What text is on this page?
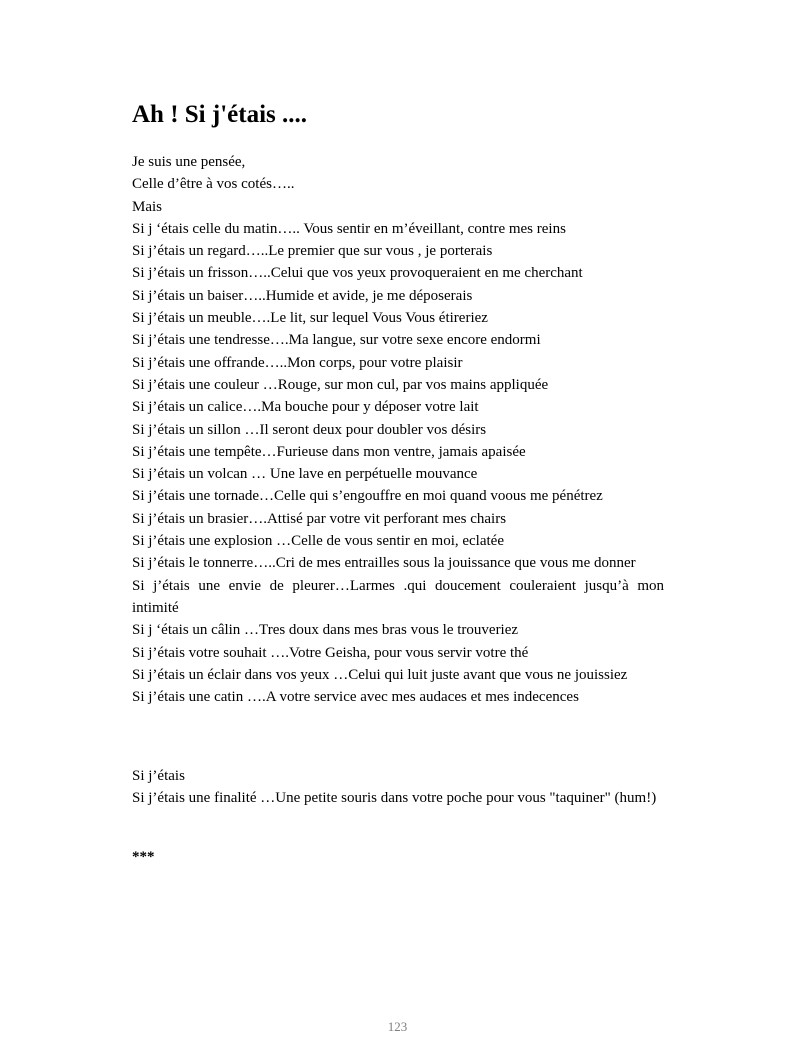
Ah ! Si j'étais ....
Je suis une pensée,
Celle d’être à vos cotés…..
Mais
Si j ‘étais celle du matin….. Vous sentir en m’éveillant, contre mes reins
Si j’étais un regard…..Le premier que sur vous , je porterais
Si j’étais un frisson…..Celui que vos yeux provoqueraient en me cherchant
Si j’étais un baiser…..Humide et avide, je me déposerais
Si j’étais un meuble….Le lit, sur lequel Vous Vous étireriez
Si j’étais une tendresse….Ma langue, sur votre sexe encore endormi
Si j’étais une offrande…..Mon corps, pour votre plaisir
Si j’étais une couleur …Rouge, sur mon cul, par vos mains appliquée
Si j’étais un calice….Ma bouche pour y déposer votre lait
Si j’étais un sillon …Il seront deux pour doubler vos désirs
Si j’étais une tempête…Furieuse dans mon ventre, jamais apaisée
Si j’étais un volcan … Une lave en perpétuelle mouvance
Si j’étais une tornade…Celle qui s’engouffre en moi quand voous me pénétrez
Si j’étais un brasier….Attisé par votre vit perforant mes chairs
Si j’étais une explosion …Celle de vous sentir en moi, eclatée
Si j’étais le tonnerre…..Cri de mes entrailles sous la jouissance que vous me donner
Si j’étais une envie de pleurer…Larmes .qui doucement couleraient jusqu’à mon intimité
Si j ‘étais un câlin …Tres doux dans mes bras vous le trouveriez
Si j’étais votre souhait ….Votre Geisha, pour vous servir votre thé
Si j’étais un éclair dans vos yeux …Celui qui luit juste avant que vous ne jouissiez
Si j’étais une catin ….A votre service avec mes audaces et mes indecences
Si j’étais
Si j’étais une finalité …Une petite souris dans votre poche pour vous "taquiner" (hum!)
***
123
